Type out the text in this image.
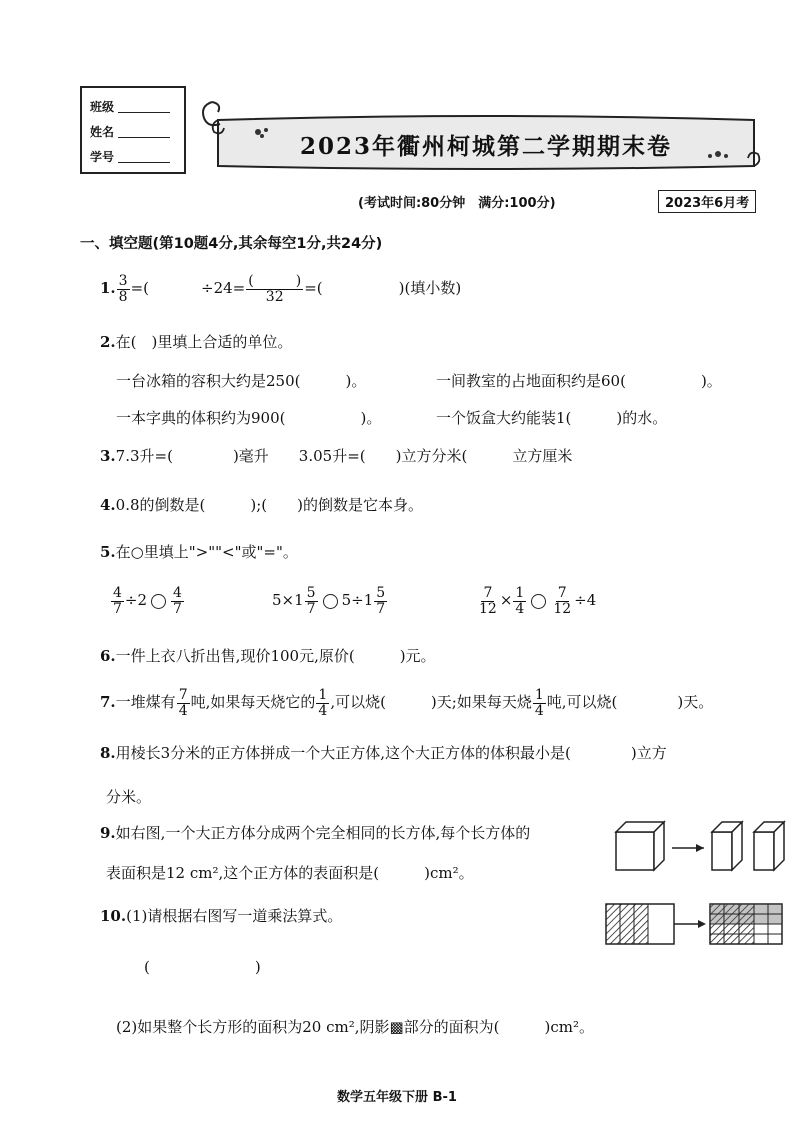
班级
姓名
学号	2023年衢州柯城第二学期期末卷
(考试时间:80分钟　满分:100分)	2023年6月考
一、填空题(第10题4分,其余每空1分,共24分)
1. $\frac{3}{8}$ =(	$\div 24= \frac{( )}{32}$ =(	)(填小数)
2.在(　)里填上合适的单位。
一台冰箱的容积大约是250(　　　)。	一间教室的占地面积约是60(　　　　　)。
一本字典的体积约为900(　　　　　)。	一个饭盒大约能装1(　　　)的水。
3.7.3升=(　　　　)毫升　　3.05升=(　　)立方分米(　　　立方厘米
4.0.8的倒数是(　　　);(　　)的倒数是它本身。
5.在○里填上">""<"或"="。
$\frac{4}{7} \div 2 \frac{4}{7}$	$5\times 1 \frac{5}{7} 5\div 1 \frac{5}{7}$	$\frac{7}{12} \times \frac{1}{4} \frac{7}{12} \div 4$
6.一件上衣八折出售,现价100元,原价(　　　)元。
7.一堆煤有 $\frac{7}{4}$ 吨,如果每天烧它的 $\frac{1}{4}$ ,可以烧(　　　)天;如果每天烧 $\frac{1}{4}$ 吨,可以烧(　　　　)天。
8.用棱长3分米的正方体拼成一个大正方体,这个大正方体的体积最小是(　　　　)立方
分米。
9.如右图,一个大正方体分成两个完全相同的长方体,每个长方体的
表面积是12 cm²,这个正方体的表面积是(　　　)cm²。
10.(1)请根据右图写一道乘法算式。
(　　　　　　　)
(2)如果整个长方形的面积为20 cm²,阴影▩部分的面积为(　　　)cm²。
数学五年级下册 B-1
